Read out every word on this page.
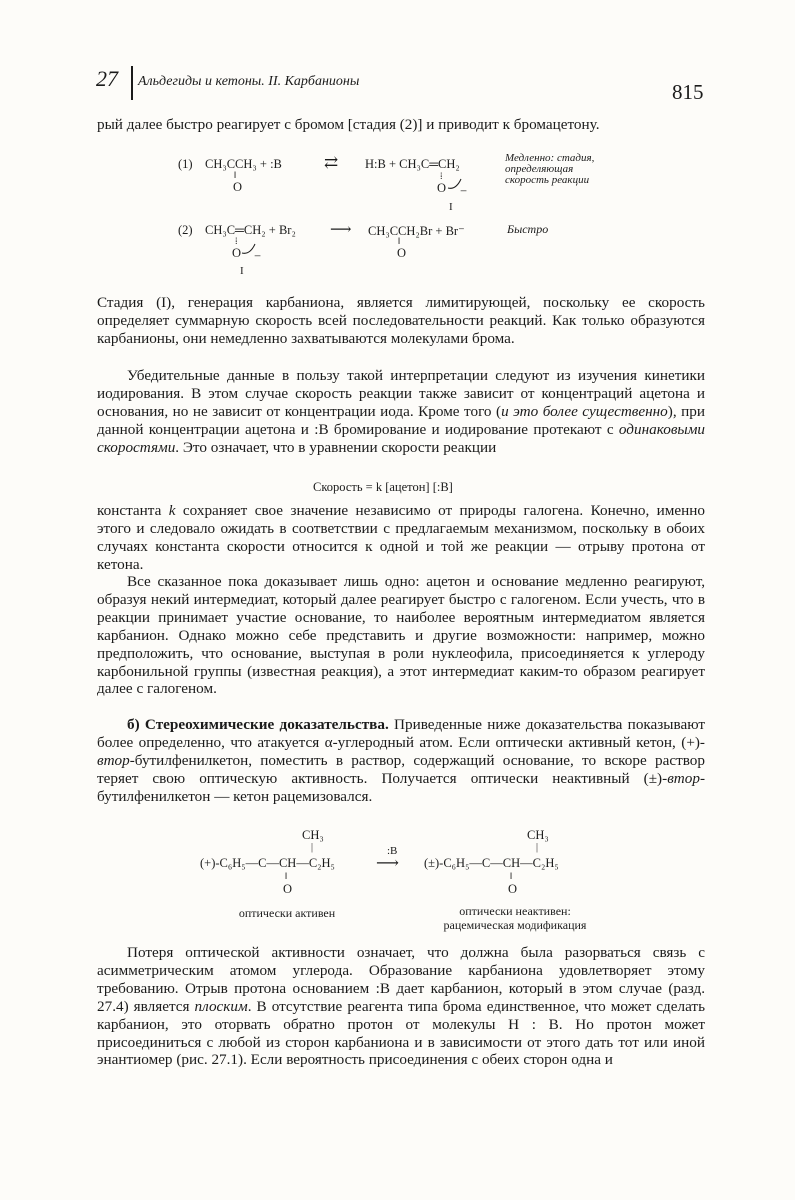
27 Альдегиды и кетоны. II. Карбанионы	815

рый далее быстро реагирует с бромом [стадия (2)] и приводит к бромацетону.

(1) CH₃CCH₃ + :B
‖
O
⇄ H:B + CH₃C═CH₂
⁞
O −
Медленно: стадия,
определяющая
скорость реакции
I
(2) CH₃C═CH₂ + Br₂
⁞
O −
⟶ CH₃CCH₂Br + Br⁻
‖
O
Быстро
I

Стадия (I), генерация карбаниона, является лимитирующей, поскольку ее скорость определяет суммарную скорость всей последовательности реакций. Как только образуются карбанионы, они немедленно захватываются молекулами брома.

Убедительные данные в пользу такой интерпретации следуют из изучения кинетики иодирования. В этом случае скорость реакции также зависит от концентраций ацетона и основания, но не зависит от концентрации иода. Кроме того (и это более существенно), при данной концентрации ацетона и :В бромирование и иодирование протекают с одинаковыми скоростями. Это означает, что в уравнении скорости реакции

Скорость = k [ацетон] [:В]

константа k сохраняет свое значение независимо от природы галогена. Конечно, именно этого и следовало ожидать в соответствии с предлагаемым механизмом, поскольку в обоих случаях константа скорости относится к одной и той же реакции — отрыву протона от кетона.

Все сказанное пока доказывает лишь одно: ацетон и основание медленно реагируют, образуя некий интермедиат, который далее реагирует быстро с галогеном. Если учесть, что в реакции принимает участие основание, то наиболее вероятным интермедиатом является карбанион. Однако можно себе представить и другие возможности: например, можно предположить, что основание, выступая в роли нуклеофила, присоединяется к углероду карбонильной группы (известная реакция), а этот интермедиат каким-то образом реагирует далее с галогеном.

б) Стереохимические доказательства. Приведенные ниже доказательства показывают более определенно, что атакуется α-углеродный атом. Если оптически активный кетон, (+)-втор-бутилфенилкетон, поместить в раствор, содержащий основание, то вскоре раствор теряет свою оптическую активность. Получается оптически неактивный (±)-втор-бутилфенилкетон — кетон рацемизовался.

CH₃
|
(+)-C₆H₅—C—CH—C₂H₅
‖
O
:B
⟶
CH₃
|
(±)-C₆H₅—C—CH—C₂H₅
‖
O
оптически активен	оптически неактивен:
рацемическая модификация

Потеря оптической активности означает, что должна была разорваться связь с асимметрическим атомом углерода. Образование карбаниона удовлетворяет этому требованию. Отрыв протона основанием :В дает карбанион, который в этом случае (разд. 27.4) является плоским. В отсутствие реагента типа брома единственное, что может сделать карбанион, это оторвать обратно протон от молекулы Н : В. Но протон может присоединиться с любой из сторон карбаниона и в зависимости от этого дать тот или иной энантиомер (рис. 27.1). Если вероятность присоединения с обеих сторон одна и
